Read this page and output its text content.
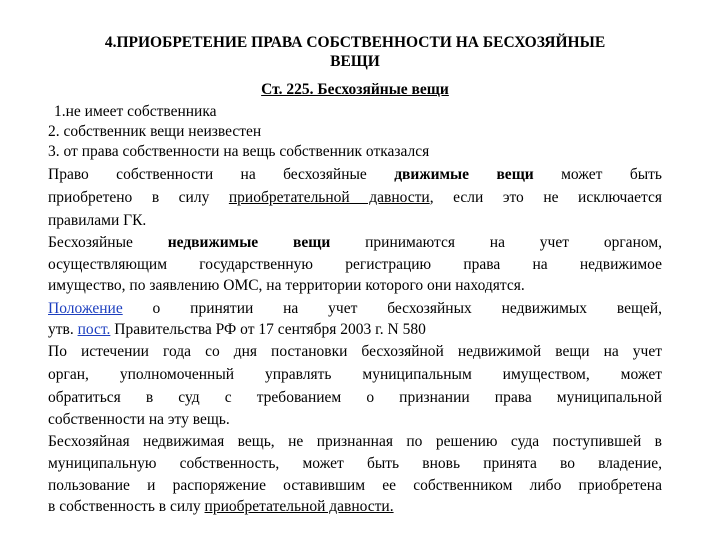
4.ПРИОБРЕТЕНИЕ ПРАВА СОБСТВЕННОСТИ НА БЕСХОЗЯЙНЫЕ
ВЕЩИ
Ст. 225. Бесхозяйные вещи
1.не имеет собственника
2. собственник вещи неизвестен
3. от права собственности на вещь собственник отказался
Право собственности на бесхозяйные движимые вещи может быть
приобретено в силу приобретательной давности, если это не исключается
правилами ГК.
Бесхозяйные недвижимые вещи принимаются на учет органом,
осуществляющим государственную регистрацию права на недвижимое
имущество, по заявлению ОМС, на территории которого они находятся.
Положение о принятии на учет бесхозяйных недвижимых вещей,
утв. пост. Правительства РФ от 17 сентября 2003 г. N 580
По истечении года со дня постановки бесхозяйной недвижимой вещи на учет
орган, уполномоченный управлять муниципальным имуществом, может
обратиться в суд с требованием о признании права муниципальной
собственности на эту вещь.
Бесхозяйная недвижимая вещь, не признанная по решению суда поступившей в
муниципальную собственность, может быть вновь принята во владение,
пользование и распоряжение оставившим ее собственником либо приобретена
в собственность в силу приобретательной давности.
